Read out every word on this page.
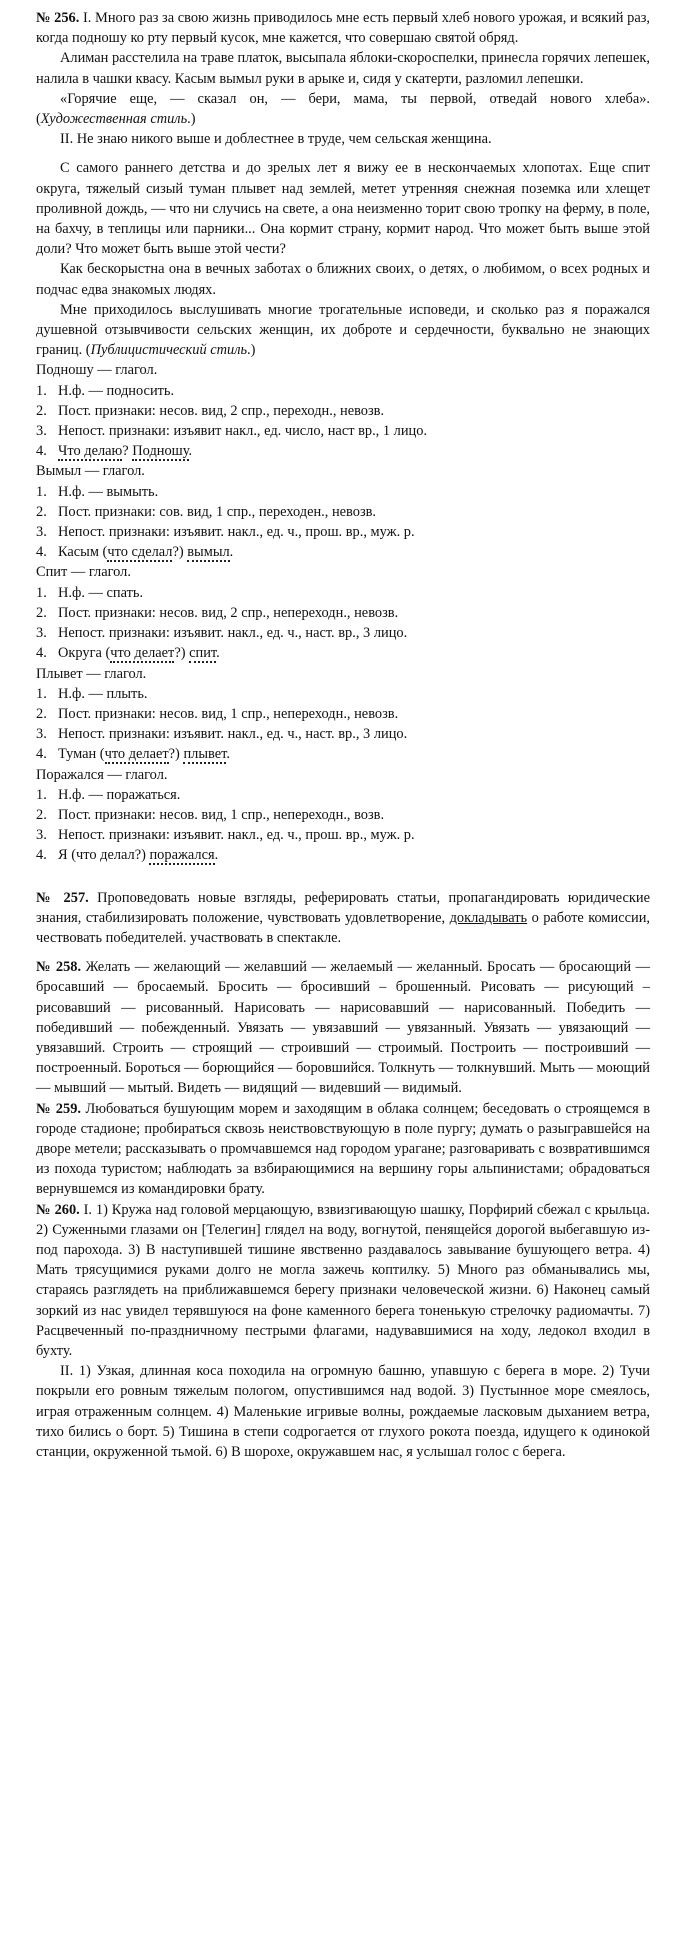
№ 256. I. Много раз за свою жизнь приводилось мне есть первый хлеб нового урожая, и всякий раз, когда подношу ко рту первый кусок, мне кажется, что совершаю святой обряд.

Алиман расстелила на траве платок, высыпала яблоки-скороспелки, принесла горячих лепешек, налила в чашки квасу. Касым вымыл руки в арыке и, сидя у скатерти, разломил лепешки.

«Горячие еще, — сказал он, — бери, мама, ты первой, отведай нового хлеба». (Художественная стиль.)

II. Не знаю никого выше и доблестнее в труде, чем сельская женщина.

С самого раннего детства и до зрелых лет я вижу ее в нескончаемых хлопотах. Еще спит округа, тяжелый сизый туман плывет над землей, метет утренняя снежная поземка или хлещет проливной дождь, — что ни случись на свете, а она неизменно торит свою тропку на ферму, в поле, на бахчу, в теплицы или парники... Она кормит страну, кормит народ. Что может быть выше этой доли? Что может быть выше этой чести?

Как бескорыстна она в вечных заботах о ближних своих, о детях, о любимом, о всех родных и подчас едва знакомых людях.

Мне приходилось выслушивать многие трогательные исповеди, и сколько раз я поражался душевной отзывчивости сельских женщин, их доброте и сердечности, буквально не знающих границ. (Публицистический стиль.)

Подношу — глагол.

1. Н.ф. — подносить.

2. Пост. признаки: несов. вид, 2 спр., переходн., невозв.

3. Непост. признаки: изъявит накл., ед. число, наст вр., 1 лицо.

4. Что делаю? Подношу.

Вымыл — глагол.

1. Н.ф. — вымыть.

2. Пост. признаки: сов. вид, 1 спр., переходен., невозв.

3. Непост. признаки: изъявит. накл., ед. ч., прош. вр., муж. р.

4. Касым (что сделал?) вымыл.

Спит — глагол.

1. Н.ф. — спать.

2. Пост. признаки: несов. вид, 2 спр., непереходн., невозв.

3. Непост. признаки: изъявит. накл., ед. ч., наст. вр., 3 лицо.

4. Округа (что делает?) спит.

Плывет — глагол.

1. Н.ф. — плыть.

2. Пост. признаки: несов. вид, 1 спр., непереходн., невозв.

3. Непост. признаки: изъявит. накл., ед. ч., наст. вр., 3 лицо.

4. Туман (что делает?) плывет.

Поражался — глагол.

1. Н.ф. — поражаться.

2. Пост. признаки: несов. вид, 1 спр., непереходн., возв.

3. Непост. признаки: изъявит. накл., ед. ч., прош. вр., муж. р.

4. Я (что делал?) поражался.

№ 257. Проповедовать новые взгляды, реферировать статьи, пропагандировать юридические знания, стабилизировать положение, чувствовать удовлетворение, докладывать о работе комиссии, чествовать победителей. участвовать в спектакле.

№ 258. Желать — желающий — желавший — желаемый — желанный. Бросать — бросающий — бросавший — бросаемый. Бросить — бросивший – брошенный. Рисовать — рисующий – рисовавший — рисованный. Нарисовать — нарисовавший — нарисованный. Победить — победивший — побежденный. Увязать — увязавший — увязанный. Увязать — увязающий — увязавший. Строить — строящий — строивший — строимый. Построить — построивший — построенный. Бороться — борющийся — боровшийся. Толкнуть — толкнувший. Мыть — моющий — мывший — мытый. Видеть — видящий — видевший — видимый.

№ 259. Любоваться бушующим морем и заходящим в облака солнцем; беседовать о строящемся в городе стадионе; пробираться сквозь неиствовствующую в поле пургу; думать о разыгравшейся на дворе метели; рассказывать о промчавшемся над городом урагане; разговаривать с возвратившимся из похода туристом; наблюдать за взбирающимися на вершину горы альпинистами; обрадоваться вернувшемся из командировки брату.

№ 260. I. 1) Кружа над головой мерцающую, взвизгивающую шашку, Порфирий сбежал с крыльца. 2) Суженными глазами он [Телегин] глядел на воду, вогнутой, пенящейся дорогой выбегавшую из-под парохода. 3) В наступившей тишине явственно раздавалось завывание бушующего ветра. 4) Мать трясущимися руками долго не могла зажечь коптилку. 5) Много раз обманывались мы, стараясь разглядеть на приближавшемся берегу признаки человеческой жизни. 6) Наконец самый зоркий из нас увидел терявшуюся на фоне каменного берега тоненькую стрелочку радиомачты. 7) Расцвеченный по-праздничному пестрыми флагами, надувавшимися на ходу, ледокол входил в бухту.

II. 1) Узкая, длинная коса походила на огромную башню, упавшую с берега в море. 2) Тучи покрыли его ровным тяжелым пологом, опустившимся над водой. 3) Пустынное море смеялось, играя отраженным солнцем. 4) Маленькие игривые волны, рождаемые ласковым дыханием ветра, тихо бились о борт. 5) Тишина в степи содрогается от глухого рокота поезда, идущего к одинокой станции, окруженной тьмой. 6) В шорохе, окружавшем нас, я услышал голос с берега.
